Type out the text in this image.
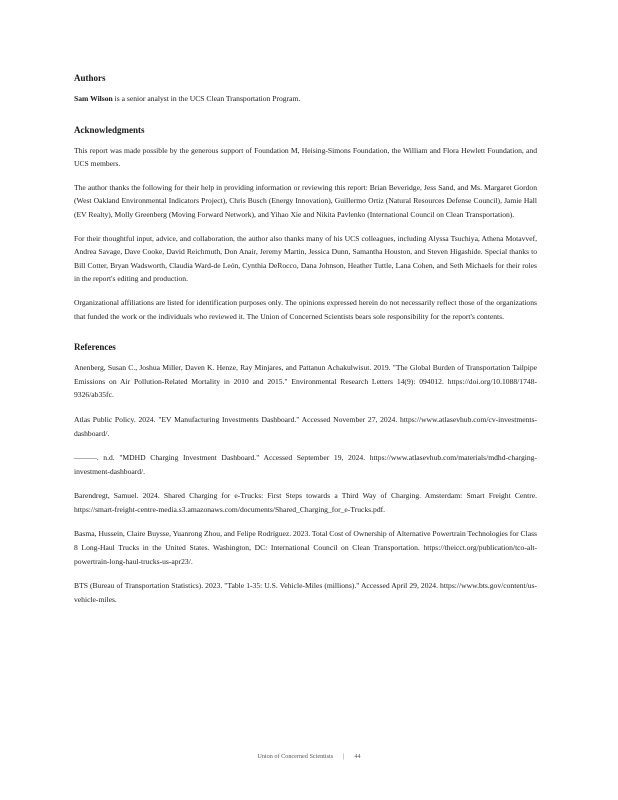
Authors

Sam Wilson is a senior analyst in the UCS Clean Transportation Program.

Acknowledgments

This report was made possible by the generous support of Foundation M, Heising-Simons Foundation, the William and Flora Hewlett Foundation, and UCS members.

The author thanks the following for their help in providing information or reviewing this report: Brian Beveridge, Jess Sand, and Ms. Margaret Gordon (West Oakland Environmental Indicators Project), Chris Busch (Energy Innovation), Guillermo Ortiz (Natural Resources Defense Council), Jamie Hall (EV Realty), Molly Greenberg (Moving Forward Network), and Yihao Xie and Nikita Pavlenko (International Council on Clean Transportation).

For their thoughtful input, advice, and collaboration, the author also thanks many of his UCS colleagues, including Alyssa Tsuchiya, Athena Motavvef, Andrea Savage, Dave Cooke, David Reichmuth, Don Anair, Jeremy Martin, Jessica Dunn, Samantha Houston, and Steven Higashide. Special thanks to Bill Cotter, Bryan Wadsworth, Claudia Ward-de León, Cynthia DeRocco, Dana Johnson, Heather Tuttle, Lana Cohen, and Seth Michaels for their roles in the report's editing and production.

Organizational affiliations are listed for identification purposes only. The opinions expressed herein do not necessarily reflect those of the organizations that funded the work or the individuals who reviewed it. The Union of Concerned Scientists bears sole responsibility for the report's contents.

References

Anenberg, Susan C., Joshua Miller, Daven K. Henze, Ray Minjares, and Pattanun Achakulwisut. 2019. "The Global Burden of Transportation Tailpipe Emissions on Air Pollution-Related Mortality in 2010 and 2015." Environmental Research Letters 14(9): 094012. https://doi.org/10.1088/1748-9326/ab35fc.

Atlas Public Policy. 2024. "EV Manufacturing Investments Dashboard." Accessed November 27, 2024. https://www.atlasevhub.com/cv-investments-dashboard/.

———. n.d. "MDHD Charging Investment Dashboard." Accessed September 19, 2024. https://www.atlasevhub.com/materials/mdhd-charging-investment-dashboard/.

Barendregt, Samuel. 2024. Shared Charging for e-Trucks: First Steps towards a Third Way of Charging. Amsterdam: Smart Freight Centre. https://smart-freight-centre-media.s3.amazonaws.com/documents/Shared_Charging_for_e-Trucks.pdf.

Basma, Hussein, Claire Buysse, Yuanrong Zhou, and Felipe Rodríguez. 2023. Total Cost of Ownership of Alternative Powertrain Technologies for Class 8 Long-Haul Trucks in the United States. Washington, DC: International Council on Clean Transportation. https://theicct.org/publication/tco-alt-powertrain-long-haul-trucks-us-apr23/.

BTS (Bureau of Transportation Statistics). 2023. "Table 1-35: U.S. Vehicle-Miles (millions)." Accessed April 29, 2024. https://www.bts.gov/content/us-vehicle-miles.

Union of Concerned Scientists | 44
